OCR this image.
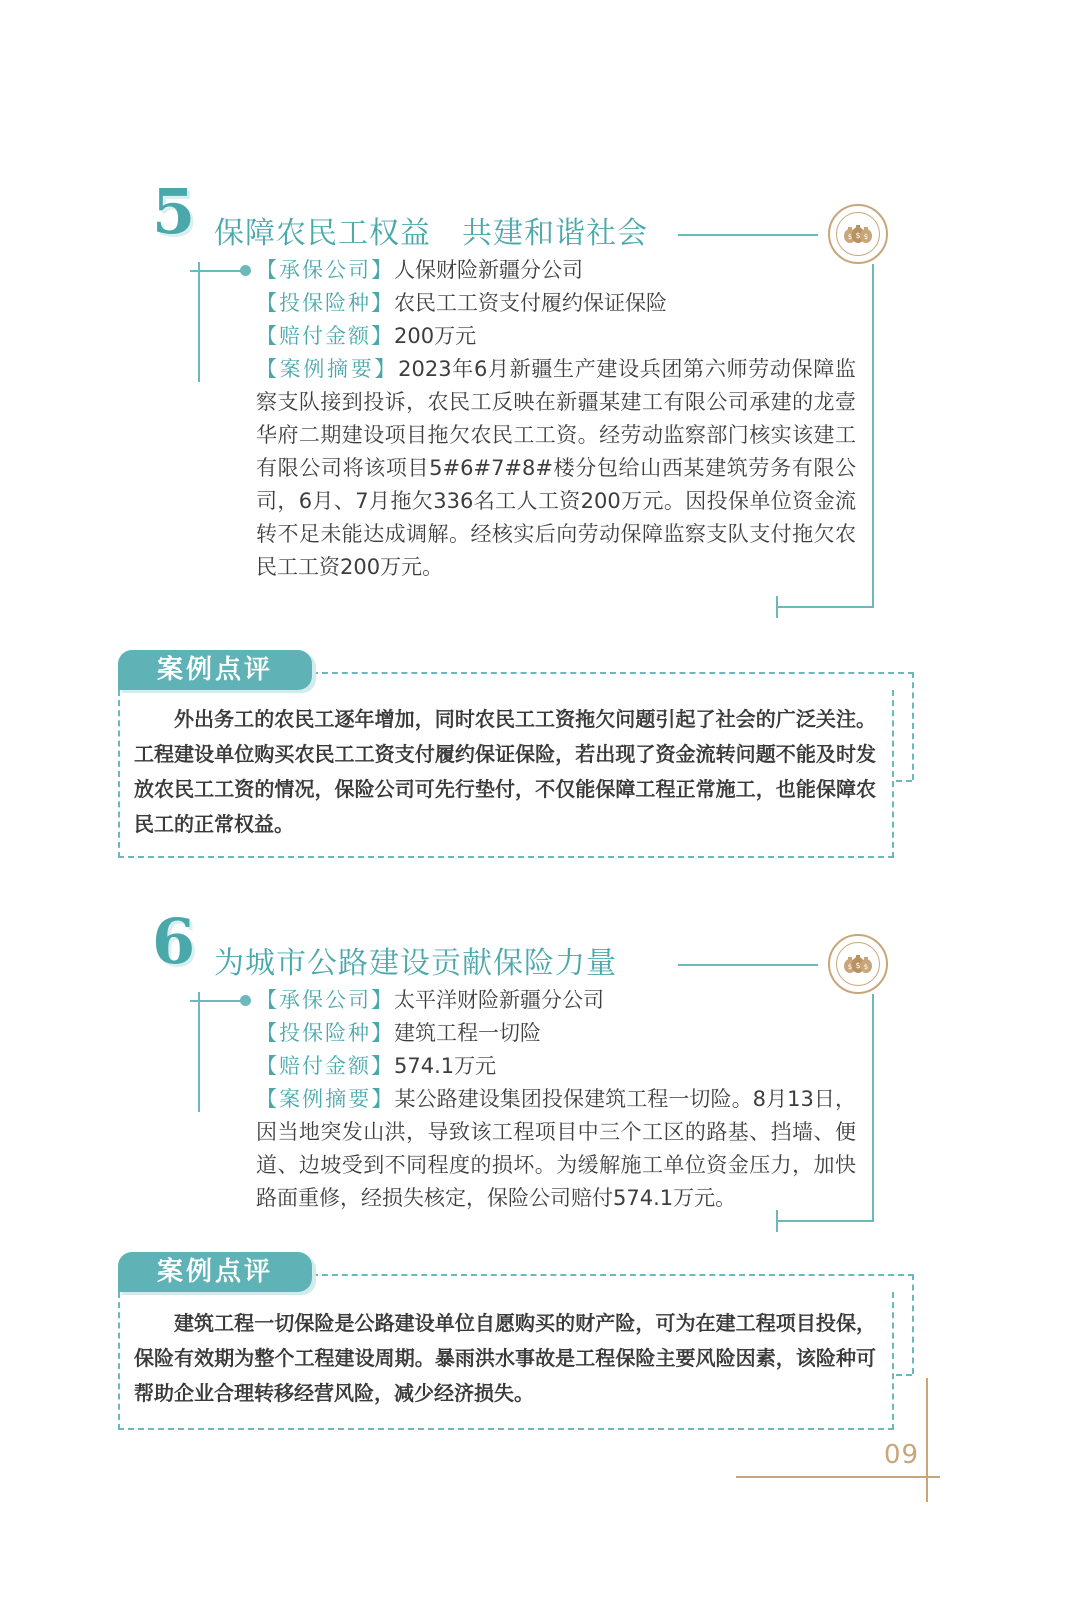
5 保障农民工权益　共建和谐社会	$ $ $
【承保公司】人保财险新疆分公司
【投保险种】农民工工资支付履约保证保险
【赔付金额】200万元
【案例摘要】2023年6月新疆生产建设兵团第六师劳动保障监察支队接到投诉，农民工反映在新疆某建工有限公司承建的龙壹华府二期建设项目拖欠农民工工资。经劳动监察部门核实该建工有限公司将该项目5#6#7#8#楼分包给山西某建筑劳务有限公司，6月、7月拖欠336名工人工资200万元。因投保单位资金流转不足未能达成调解。经核实后向劳动保障监察支队支付拖欠农民工工资200万元。
案例点评
外出务工的农民工逐年增加，同时农民工工资拖欠问题引起了社会的广泛关注。工程建设单位购买农民工工资支付履约保证保险，若出现了资金流转问题不能及时发放农民工工资的情况，保险公司可先行垫付，不仅能保障工程正常施工，也能保障农民工的正常权益。
6 为城市公路建设贡献保险力量	$ $ $
【承保公司】太平洋财险新疆分公司
【投保险种】建筑工程一切险
【赔付金额】574.1万元
【案例摘要】某公路建设集团投保建筑工程一切险。8月13日，因当地突发山洪，导致该工程项目中三个工区的路基、挡墙、便道、边坡受到不同程度的损坏。为缓解施工单位资金压力，加快路面重修，经损失核定，保险公司赔付574.1万元。
案例点评
建筑工程一切保险是公路建设单位自愿购买的财产险，可为在建工程项目投保，保险有效期为整个工程建设周期。暴雨洪水事故是工程保险主要风险因素，该险种可帮助企业合理转移经营风险，减少经济损失。
09
